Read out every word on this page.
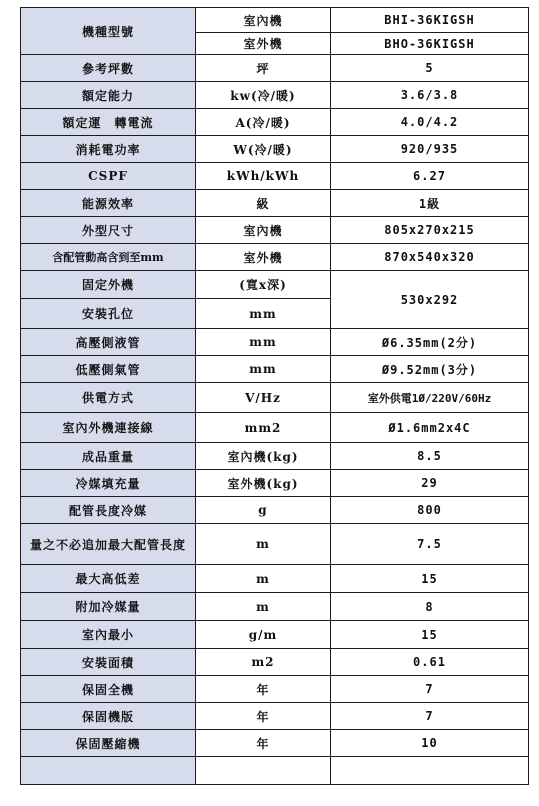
機種型號	室內機	BHI-36KIGSH
	室外機	BHO-36KIGSH
參考坪數	坪	5
額定能力	kw(冷/暖)	3.6/3.8
額定運　轉電流	A(冷/暖)	4.0/4.2
消耗電功率	W(冷/暖)	920/935
CSPF	kWh/kWh	6.27
能源效率	級	1級
外型尺寸	室內機	805x270x215
含配管動高含到至mm	室外機	870x540x320
固定外機	(寬x深)	530x292
安裝孔位	mm	
高壓側液管	mm	Ø6.35mm(2分)
低壓側氣管	mm	Ø9.52mm(3分)
供電方式	V/Hz	室外供電1Ø/220V/60Hz
室內外機連接線	mm2	Ø1.6mm2x4C
成品重量	室內機(kg)	8.5
冷媒填充量	室外機(kg)	29
配管長度冷媒	g	800
量之不必追加最大配管長度	m	7.5
最大高低差	m	15
附加冷媒量	m	8
室內最小	g/m	15
安裝面積	m2	0.61
保固全機	年	7
保固機版	年	7
保固壓縮機	年	10
